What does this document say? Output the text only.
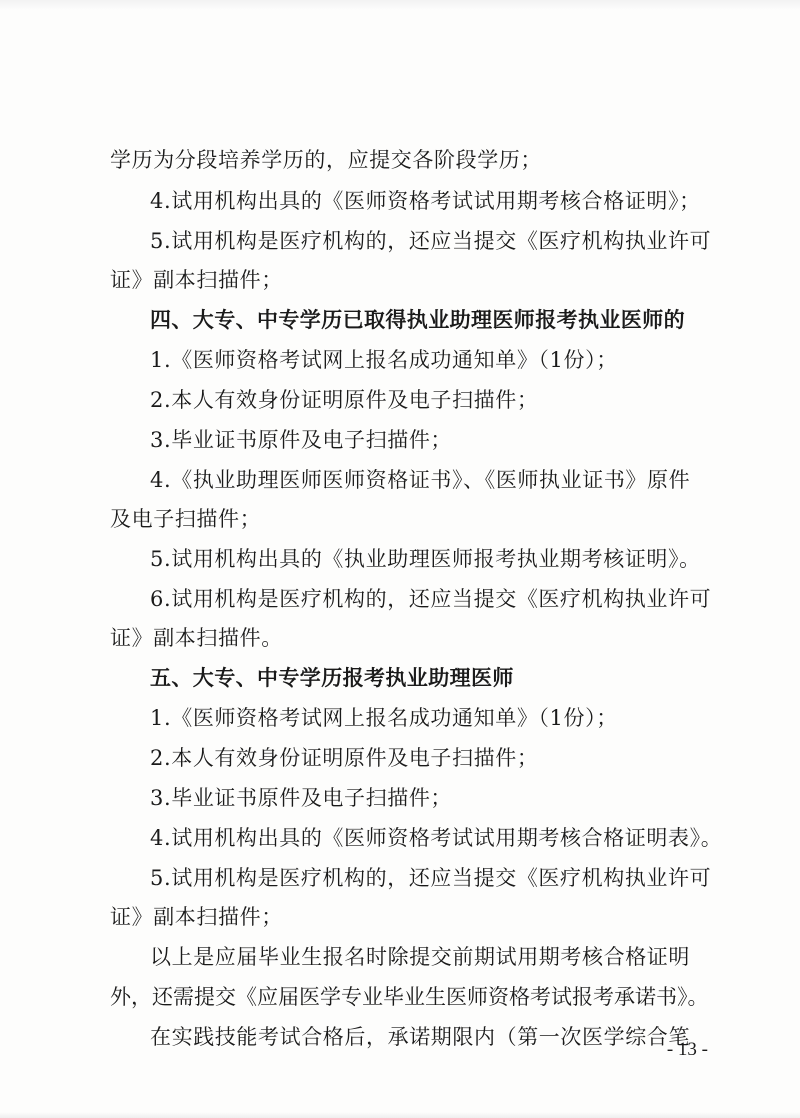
学历为分段培养学历的，应提交各阶段学历；
4.试用机构出具的《医师资格考试试用期考核合格证明》；
5.试用机构是医疗机构的，还应当提交《医疗机构执业许可
证》副本扫描件；
四、大专、中专学历已取得执业助理医师报考执业医师的
1.《医师资格考试网上报名成功通知单》（1份）；
2.本人有效身份证明原件及电子扫描件；
3.毕业证书原件及电子扫描件；
4.《执业助理医师医师资格证书》、《医师执业证书》原件
及电子扫描件；
5.试用机构出具的《执业助理医师报考执业期考核证明》。
6.试用机构是医疗机构的，还应当提交《医疗机构执业许可
证》副本扫描件。
五、大专、中专学历报考执业助理医师
1.《医师资格考试网上报名成功通知单》（1份）；
2.本人有效身份证明原件及电子扫描件；
3.毕业证书原件及电子扫描件；
4.试用机构出具的《医师资格考试试用期考核合格证明表》。
5.试用机构是医疗机构的，还应当提交《医疗机构执业许可
证》副本扫描件；
以上是应届毕业生报名时除提交前期试用期考核合格证明
外，还需提交《应届医学专业毕业生医师资格考试报考承诺书》。
在实践技能考试合格后，承诺期限内（第一次医学综合笔
- 13 -
